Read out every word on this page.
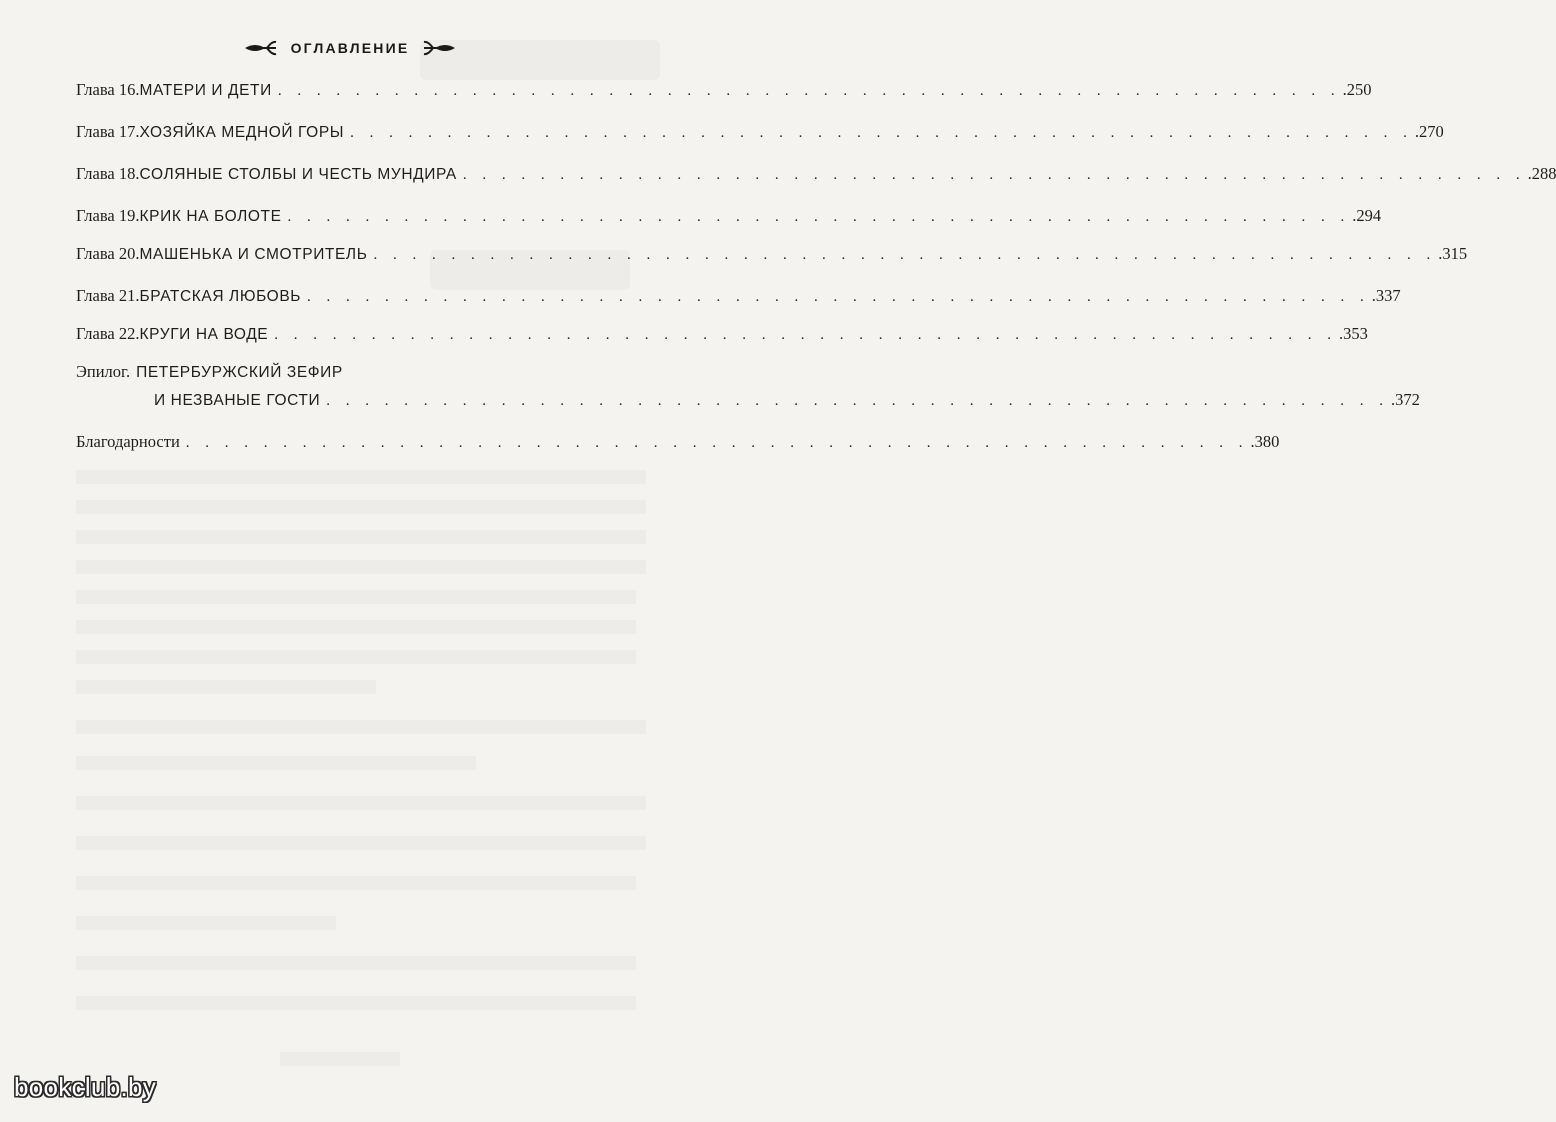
ОГЛАВЛЕНИЕ
Глава 16. МАТЕРИ И ДЕТИ . . . . . . . . . . . . . . . . . . . . . . . . . . . . . . . . . . . . . . . . . . . . . . . . . . . . . . . .250
Глава 17. ХОЗЯЙКА МЕДНОЙ ГОРЫ . . . . . . . . . . . . . . . . . . . . . . . . . . . . . . . . . . . . . . . . . . . . . . . . . . . . . . . .270
Глава 18. СОЛЯНЫЕ СТОЛБЫ И ЧЕСТЬ МУНДИРА . . . . . . . . . . . . . . . . . . . . . . . . . . . . . . . . . . . . . . . . . . . . . . . . . . . . . . . .288
Глава 19. КРИК НА БОЛОТЕ . . . . . . . . . . . . . . . . . . . . . . . . . . . . . . . . . . . . . . . . . . . . . . . . . . . . . . . .294
Глава 20. МАШЕНЬКА И СМОТРИТЕЛЬ . . . . . . . . . . . . . . . . . . . . . . . . . . . . . . . . . . . . . . . . . . . . . . . . . . . . . . . .315
Глава 21. БРАТСКАЯ ЛЮБОВЬ . . . . . . . . . . . . . . . . . . . . . . . . . . . . . . . . . . . . . . . . . . . . . . . . . . . . . . . .337
Глава 22. КРУГИ НА ВОДЕ . . . . . . . . . . . . . . . . . . . . . . . . . . . . . . . . . . . . . . . . . . . . . . . . . . . . . . . .353
Эпилог. ПЕТЕРБУРЖСКИЙ ЗЕФИР
И НЕЗВАНЫЕ ГОСТИ . . . . . . . . . . . . . . . . . . . . . . . . . . . . . . . . . . . . . . . . . . . . . . . . . . . . . . . .372
Благодарности . . . . . . . . . . . . . . . . . . . . . . . . . . . . . . . . . . . . . . . . . . . . . . . . . . . . . . . .380
bookclub.by
